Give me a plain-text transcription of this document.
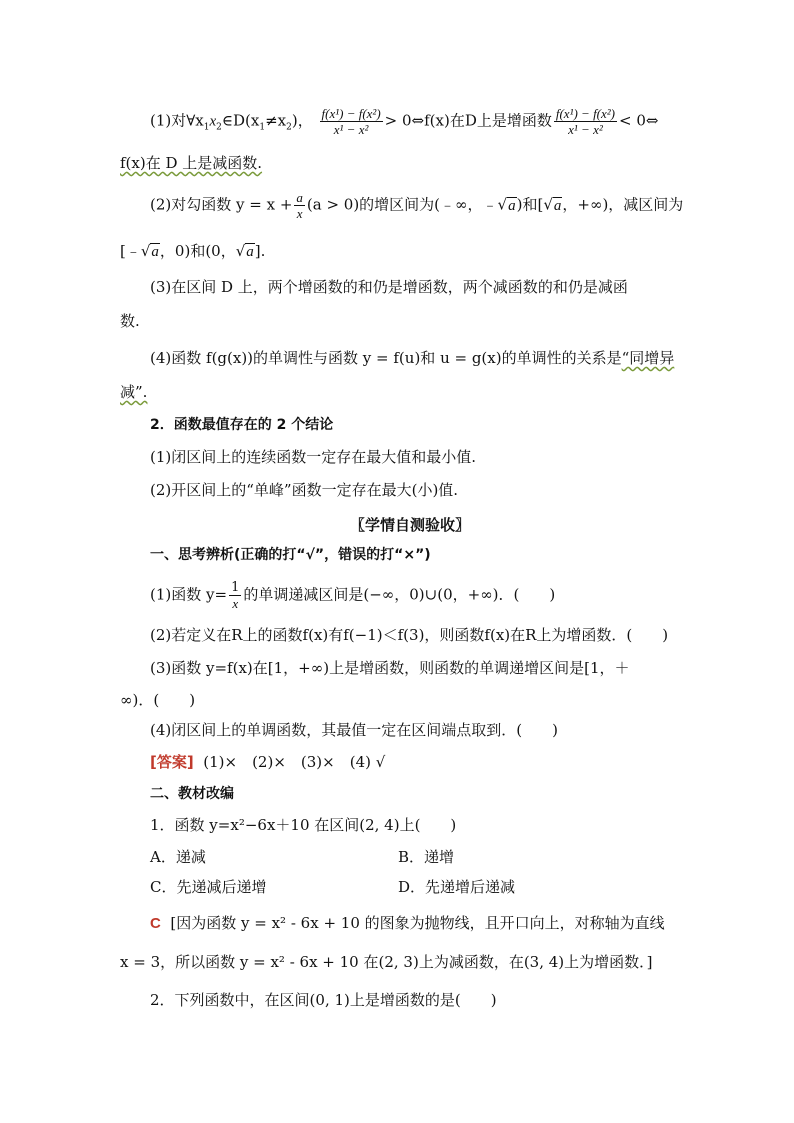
(1)对$\forall x_1x_2\in D(x_1\ne x_2)$， $\frac{\text{f(x¹) − f(x²)}}{\text{x¹ − x²}}$ > 0⇔f(x)在D上是增函数 $\frac{\text{f(x¹) − f(x²)}}{\text{x¹ − x²}}$ < 0⇔
f(x)在 D 上是减函数.
(2)对勾函数 $y = x + \frac{a}{x} (a > 0)$的增区间为(﹣∞，﹣√a)和[√a，+∞)，减区间为
[﹣√a，0)和(0，√a].
(3)在区间 D 上，两个增函数的和仍是增函数，两个减函数的和仍是减函
数.
(4)函数 f(g(x))的单调性与函数 y = f(u)和 u = g(x)的单调性的关系是“同增异
减”.
2．函数最值存在的 2 个结论
(1)闭区间上的连续函数一定存在最大值和最小值.
(2)开区间上的“单峰”函数一定存在最大(小)值.
〖学情自测验收〗
一、思考辨析(正确的打“√”，错误的打“×”)
(1)函数 $y= \frac{1}{x}$ 的单调递减区间是(−∞，0)∪(0，+∞)．(　　)
(2)若定义在R上的函数f(x)有f(−1)＜f(3)，则函数f(x)在R上为增函数．(　　)
(3)函数 y=f(x)在[1，+∞)上是增函数，则函数的单调递增区间是[1，＋
∞)．(　　)
(4)闭区间上的单调函数，其最值一定在区间端点取到．(　　)
[答案] (1)×　(2)×　(3)×　(4) √
二、教材改编
1．函数 y=x²−6x＋10 在区间(2, 4)上(　　)
A．递减	B．递增
C．先递减后递增	D．先递增后递减
C [因为函数 y = x² - 6x + 10 的图象为抛物线，且开口向上，对称轴为直线
x = 3，所以函数 y = x² - 6x + 10 在(2, 3)上为减函数，在(3, 4)上为增函数．]
2．下列函数中，在区间(0, 1)上是增函数的是(　　)
